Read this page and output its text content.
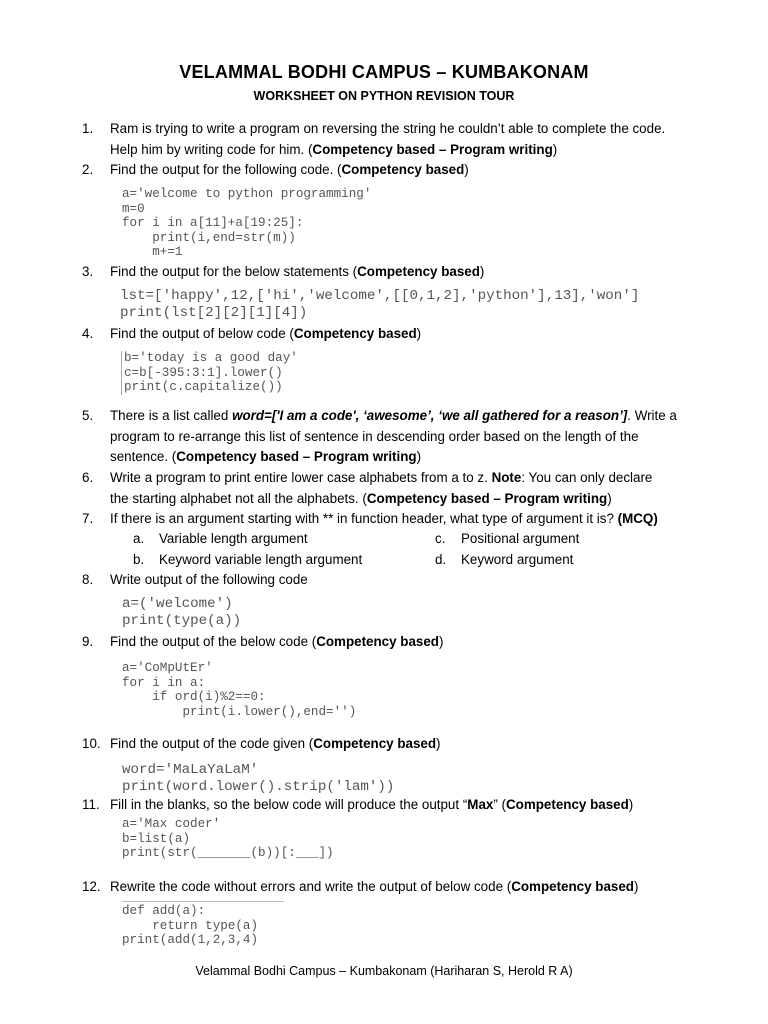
VELAMMAL BODHI CAMPUS – KUMBAKONAM
WORKSHEET ON PYTHON REVISION TOUR
1.	Ram is trying to write a program on reversing the string he couldn’t able to complete the code.
Help him by writing code for him. (Competency based – Program writing)
2.	Find the output for the following code. (Competency based)
a='welcome to python programming'
m=0
for i in a[11]+a[19:25]:
print(i,end=str(m))
m+=1
3.	Find the output for the below statements (Competency based)
lst=['happy',12,['hi','welcome',[[0,1,2],'python'],13],'won']
print(lst[2][2][1][4])
4.	Find the output of below code (Competency based)
b='today is a good day'
c=b[-395:3:1].lower()
print(c.capitalize())
5.	There is a list called word=['I am a code', ‘awesome’, ‘we all gathered for a reason’]. Write a
program to re-arrange this list of sentence in descending order based on the length of the
sentence. (Competency based – Program writing)
6.	Write a program to print entire lower case alphabets from a to z. Note: You can only declare
the starting alphabet not all the alphabets. (Competency based – Program writing)
7.	If there is an argument starting with ** in function header, what type of argument it is? (MCQ)
a. Variable length argument
b. Keyword variable length argument
c. Positional argument
d. Keyword argument
8.	Write output of the following code
a=('welcome')
print(type(a))
9.	Find the output of the below code (Competency based)
a='CoMpUtEr'
for i in a:
if ord(i)%2==0:
print(i.lower(),end='')
10. Find the output of the code given (Competency based)
word='MaLaYaLaM'
print(word.lower().strip('lam'))
11. Fill in the blanks, so the below code will produce the output “Max” (Competency based)
a='Max coder'
b=list(a)
print(str(_______(b))[:___])
12. Rewrite the code without errors and write the output of below code (Competency based)
def add(a):
return type(a)
print(add(1,2,3,4)
Velammal Bodhi Campus – Kumbakonam (Hariharan S, Herold R A)
